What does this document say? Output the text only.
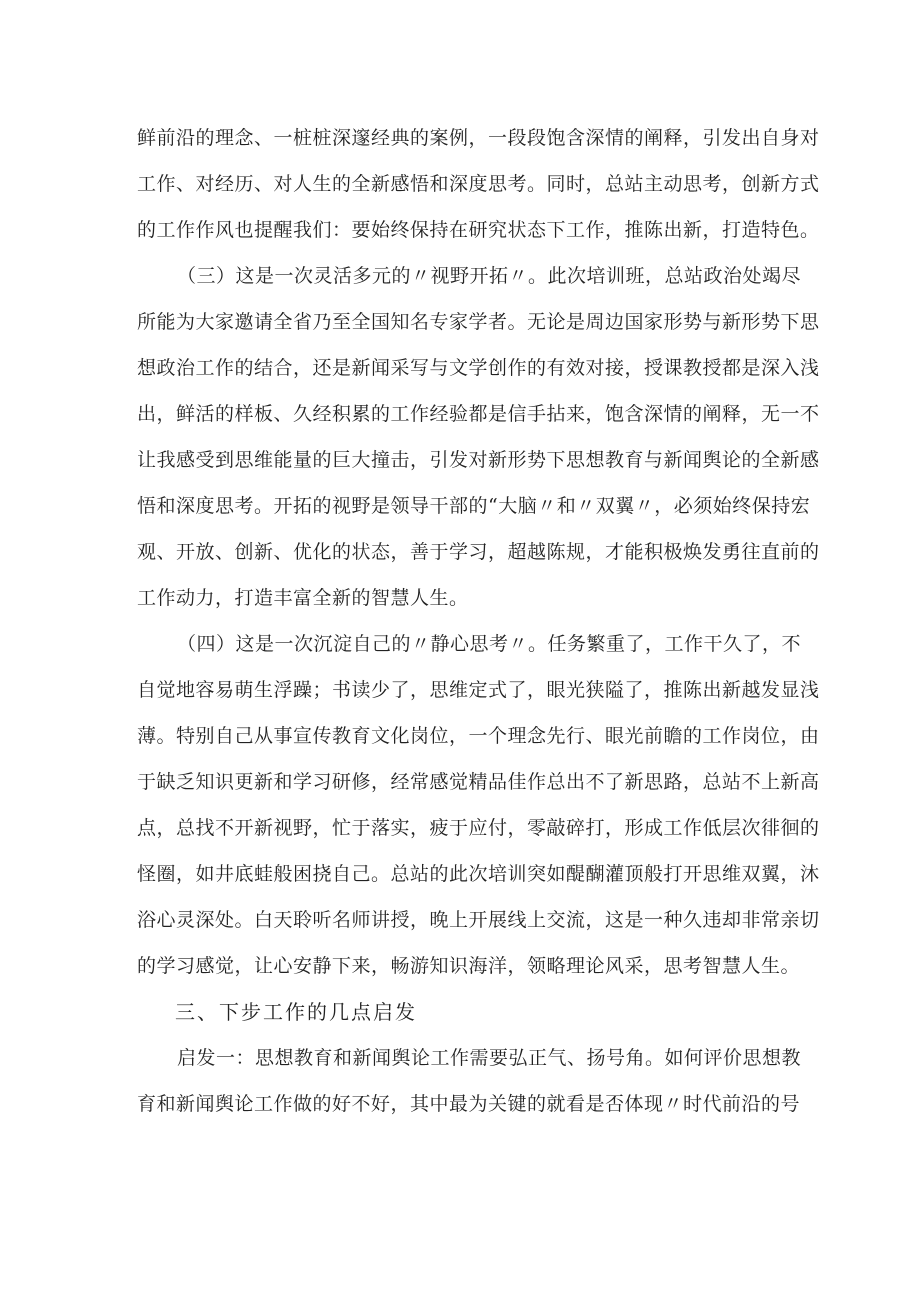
鲜前沿的理念、一桩桩深邃经典的案例，一段段饱含深情的阐释，引发出自身对
工作、对经历、对人生的全新感悟和深度思考。同时，总站主动思考，创新方式
的工作作风也提醒我们：要始终保持在研究状态下工作，推陈出新，打造特色。
（三）这是一次灵活多元的〃视野开拓〃。此次培训班，总站政治处竭尽
所能为大家邀请全省乃至全国知名专家学者。无论是周边国家形势与新形势下思
想政治工作的结合，还是新闻采写与文学创作的有效对接，授课教授都是深入浅
出，鲜活的样板、久经积累的工作经验都是信手拈来，饱含深情的阐释，无一不
让我感受到思维能量的巨大撞击，引发对新形势下思想教育与新闻舆论的全新感
悟和深度思考。开拓的视野是领导干部的“大脑〃和〃双翼〃，必须始终保持宏
观、开放、创新、优化的状态，善于学习，超越陈规，才能积极焕发勇往直前的
工作动力，打造丰富全新的智慧人生。
（四）这是一次沉淀自己的〃静心思考〃。任务繁重了，工作干久了，不
自觉地容易萌生浮躁；书读少了，思维定式了，眼光狭隘了，推陈出新越发显浅
薄。特别自己从事宣传教育文化岗位，一个理念先行、眼光前瞻的工作岗位，由
于缺乏知识更新和学习研修，经常感觉精品佳作总出不了新思路，总站不上新高
点，总找不开新视野，忙于落实，疲于应付，零敲碎打，形成工作低层次徘徊的
怪圈，如井底蛙般困挠自己。总站的此次培训突如醍醐灌顶般打开思维双翼，沐
浴心灵深处。白天聆听名师讲授，晚上开展线上交流，这是一种久违却非常亲切
的学习感觉，让心安静下来，畅游知识海洋，领略理论风采，思考智慧人生。
三、下步工作的几点启发
启发一：思想教育和新闻舆论工作需要弘正气、扬号角。如何评价思想教
育和新闻舆论工作做的好不好，其中最为关键的就看是否体现〃时代前沿的号
